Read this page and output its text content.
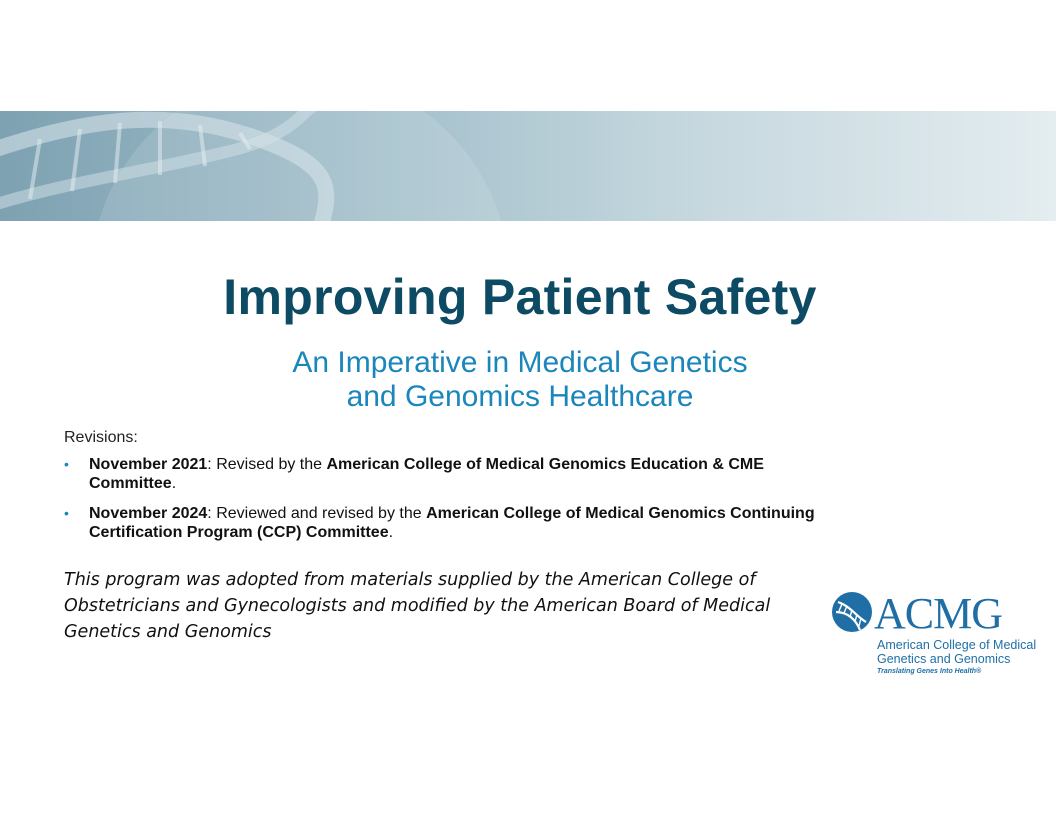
Improving Patient Safety
An Imperative in Medical Genetics
and Genomics Healthcare
Revisions:
• November 2021: Revised by the American College of Medical Genomics Education & CME Committee.
• November 2024: Reviewed and revised by the American College of Medical Genomics Continuing Certification Program (CCP) Committee.
This program was adopted from materials supplied by the American College of Obstetricians and Gynecologists and modified by the American Board of Medical Genetics and Genomics	ACMG
American College of Medical
Genetics and Genomics
Translating Genes Into Health®
